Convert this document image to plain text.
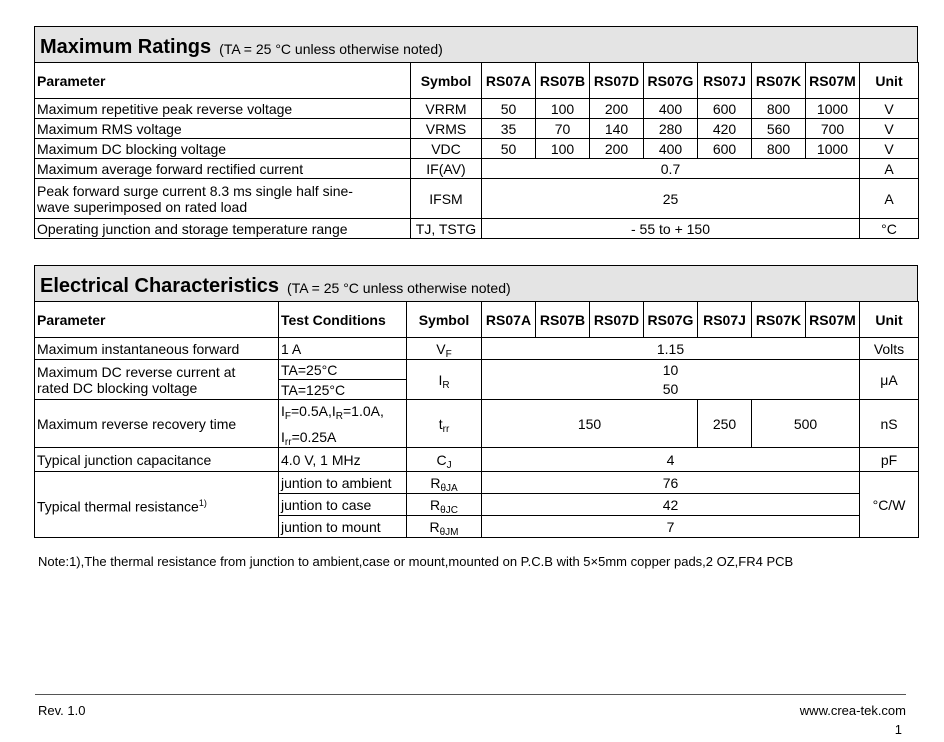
Maximum Ratings (TA = 25 °C unless otherwise noted)
Parameter	Symbol	RS07A	RS07B	RS07D	RS07G	RS07J	RS07K	RS07M	Unit
Maximum repetitive peak reverse voltage	VRRM	50	100	200	400	600	800	1000	V
Maximum RMS voltage	VRMS	35	70	140	280	420	560	700	V
Maximum DC blocking voltage	VDC	50	100	200	400	600	800	1000	V
Maximum average forward rectified current	IF(AV)	0.7							A

Peak forward surge current 8.3 ms single half sine-
wave superimposed on rated load	IFSM	25							A
Operating junction and storage temperature range	TJ, TSTG	- 55 to + 150							°C
Electrical Characteristics (TA = 25 °C unless otherwise noted)
Parameter	Test Conditions	Symbol	RS07A	RS07B	RS07D	RS07G	RS07J	RS07K	RS07M	Unit
Maximum instantaneous forward	1 A	$V_F$	1.15							Volts

Maximum DC reverse current at
rated DC blocking voltage	TA=25°C	$I_R$	10							μA
	TA=125°C		50							
Maximum reverse recovery time	$I_F=0.5A,I_R=1.0A$,
$I_{rr}=0.25A$	$t_{rr}$	150				250	500		nS
Typical junction capacitance	4.0 V, 1 MHz	$C_J$	4							pF
Typical thermal resistance$^{1)}$	juntion to ambient	$R_{\theta JA}$	76							°C/W
	juntion to case	$R_{\theta JC}$	42							
	juntion to mount	$R_{\theta JM}$	7							
Note:1),The thermal resistance from junction to ambient,case or mount,mounted on P.C.B with 5×5mm copper pads,2 OZ,FR4 PCB
Rev. 1.0	www.crea-tek.com
1
